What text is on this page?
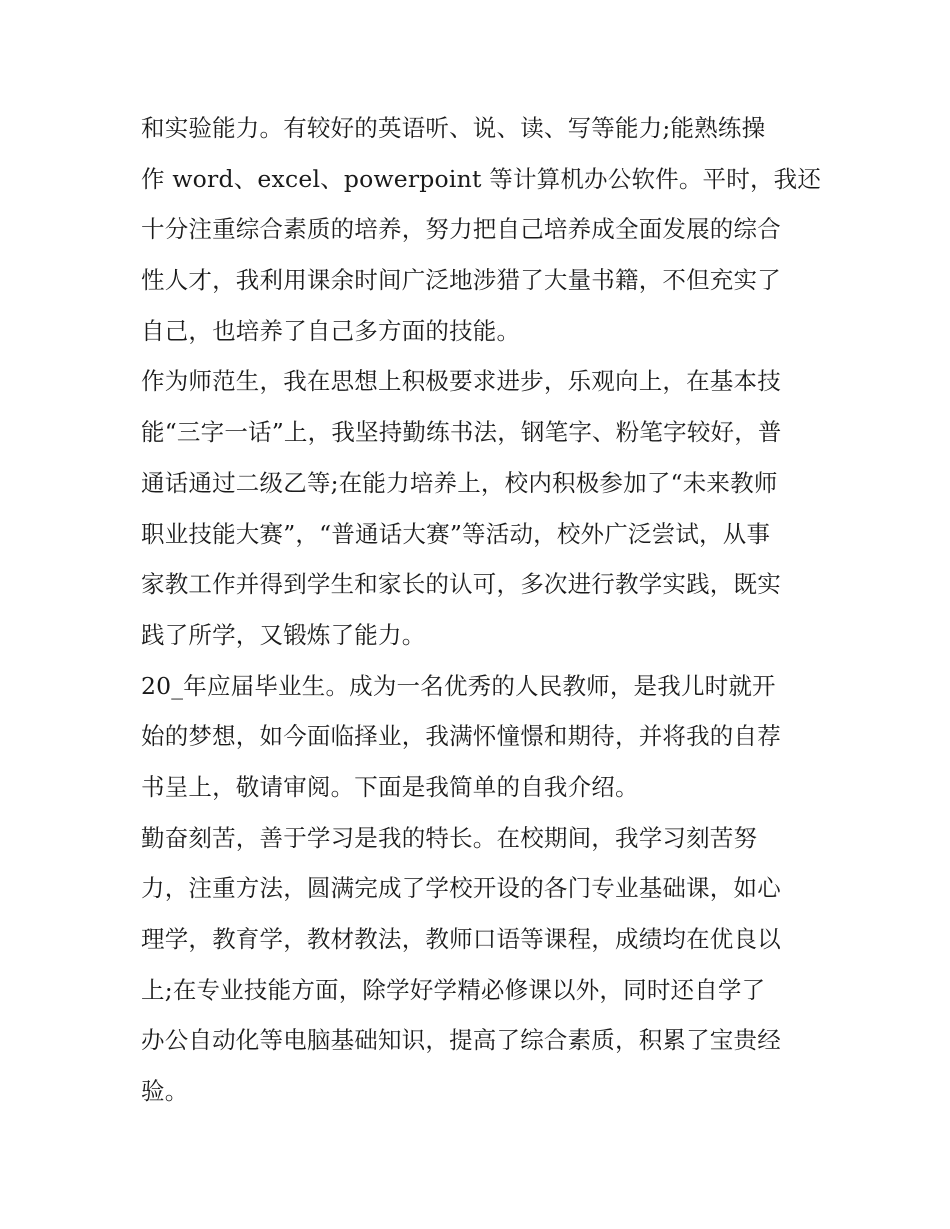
和实验能力。有较好的英语听、说、读、写等能力;能熟练操
作 word、excel、powerpoint 等计算机办公软件。平时，我还
十分注重综合素质的培养，努力把自己培养成全面发展的综合
性人才，我利用课余时间广泛地涉猎了大量书籍，不但充实了
自己，也培养了自己多方面的技能。
作为师范生，我在思想上积极要求进步，乐观向上，在基本技
能“三字一话”上，我坚持勤练书法，钢笔字、粉笔字较好，普
通话通过二级乙等;在能力培养上，校内积极参加了“未来教师
职业技能大赛”，“普通话大赛”等活动，校外广泛尝试，从事
家教工作并得到学生和家长的认可，多次进行教学实践，既实
践了所学，又锻炼了能力。
20_年应届毕业生。成为一名优秀的人民教师，是我儿时就开
始的梦想，如今面临择业，我满怀憧憬和期待，并将我的自荐
书呈上，敬请审阅。下面是我简单的自我介绍。
勤奋刻苦，善于学习是我的特长。在校期间，我学习刻苦努
力，注重方法，圆满完成了学校开设的各门专业基础课，如心
理学，教育学，教材教法，教师口语等课程，成绩均在优良以
上;在专业技能方面，除学好学精必修课以外，同时还自学了
办公自动化等电脑基础知识，提高了综合素质，积累了宝贵经
验。
